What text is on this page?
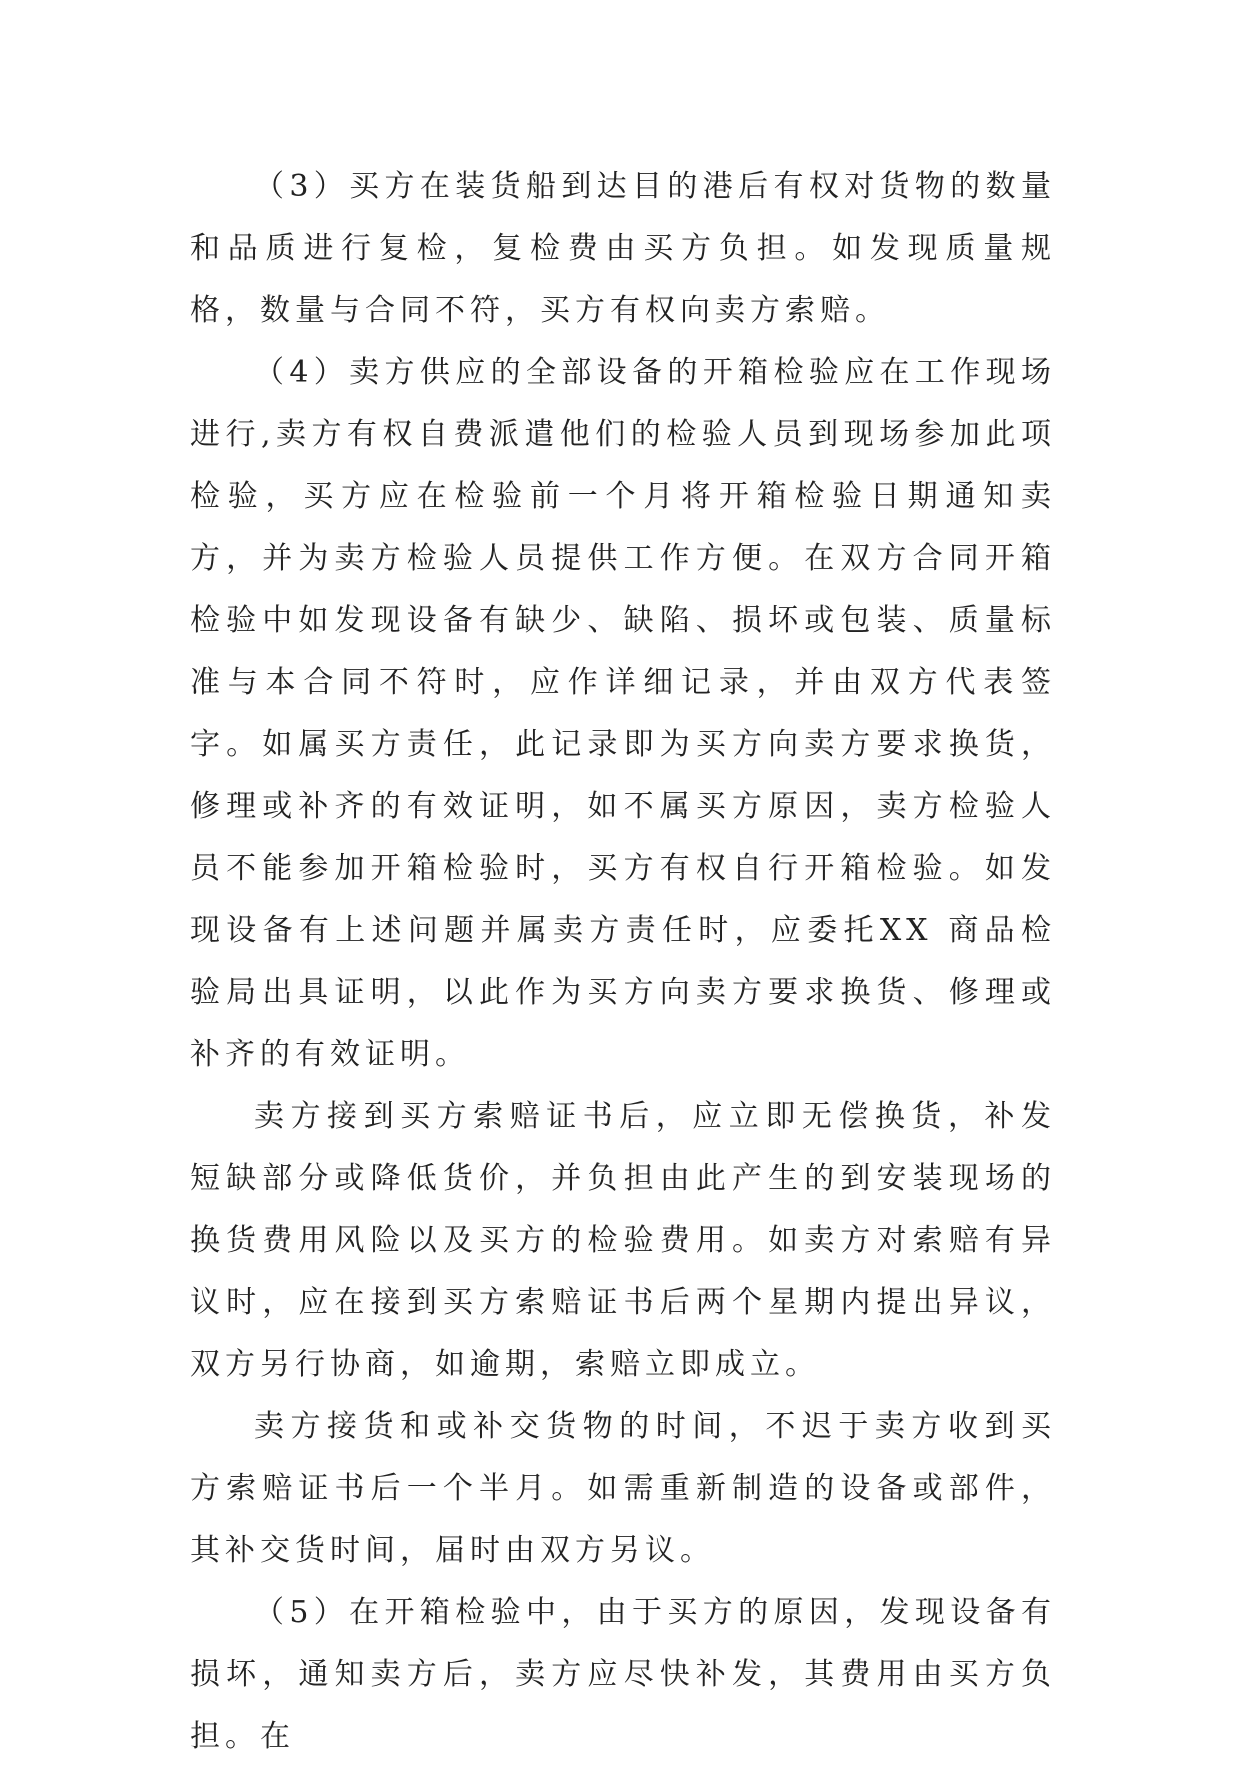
（3）买方在装货船到达目的港后有权对货物的数量和品质进行复检，复检费由买方负担。如发现质量规格，数量与合同不符，买方有权向卖方索赔。

（4）卖方供应的全部设备的开箱检验应在工作现场进行,卖方有权自费派遣他们的检验人员到现场参加此项检验，买方应在检验前一个月将开箱检验日期通知卖方，并为卖方检验人员提供工作方便。在双方合同开箱检验中如发现设备有缺少、缺陷、损坏或包装、质量标准与本合同不符时，应作详细记录，并由双方代表签字。如属买方责任，此记录即为买方向卖方要求换货，修理或补齐的有效证明，如不属买方原因，卖方检验人员不能参加开箱检验时，买方有权自行开箱检验。如发现设备有上述问题并属卖方责任时，应委托XX 商品检验局出具证明，以此作为买方向卖方要求换货、修理或补齐的有效证明。

卖方接到买方索赔证书后，应立即无偿换货，补发短缺部分或降低货价，并负担由此产生的到安装现场的换货费用风险以及买方的检验费用。如卖方对索赔有异议时，应在接到买方索赔证书后两个星期内提出异议，双方另行协商，如逾期，索赔立即成立。

卖方接货和或补交货物的时间，不迟于卖方收到买方索赔证书后一个半月。如需重新制造的设备或部件，其补交货时间，届时由双方另议。

（5）在开箱检验中，由于买方的原因，发现设备有损坏，通知卖方后，卖方应尽快补发，其费用由买方负担。在
